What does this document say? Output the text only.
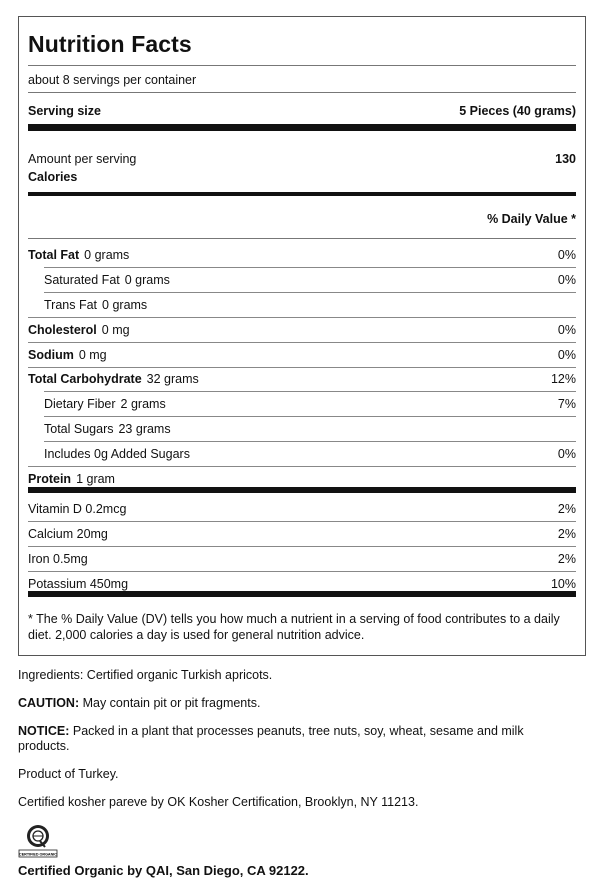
Nutrition Facts
about 8 servings per container
Serving size	5 Pieces (40 grams)
Amount per serving	130
Calories
% Daily Value *
Total Fat 0 grams	0%
Saturated Fat 0 grams	0%
Trans Fat 0 grams
Cholesterol 0 mg	0%
Sodium 0 mg	0%
Total Carbohydrate 32 grams	12%
Dietary Fiber 2 grams	7%
Total Sugars 23 grams
Includes 0g Added Sugars	0%
Protein 1 gram
Vitamin D 0.2mcg	2%
Calcium 20mg	2%
Iron 0.5mg	2%
Potassium 450mg	10%
* The % Daily Value (DV) tells you how much a nutrient in a serving of food contributes to a daily diet. 2,000 calories a day is used for general nutrition advice.
Ingredients: Certified organic Turkish apricots.
CAUTION: May contain pit or pit fragments.
NOTICE: Packed in a plant that processes peanuts, tree nuts, soy, wheat, sesame and milk products.
Product of Turkey.
Certified kosher pareve by OK Kosher Certification, Brooklyn, NY 11213.
CERTIFIED ORGANIC
Certified Organic by QAI, San Diego, CA 92122.
